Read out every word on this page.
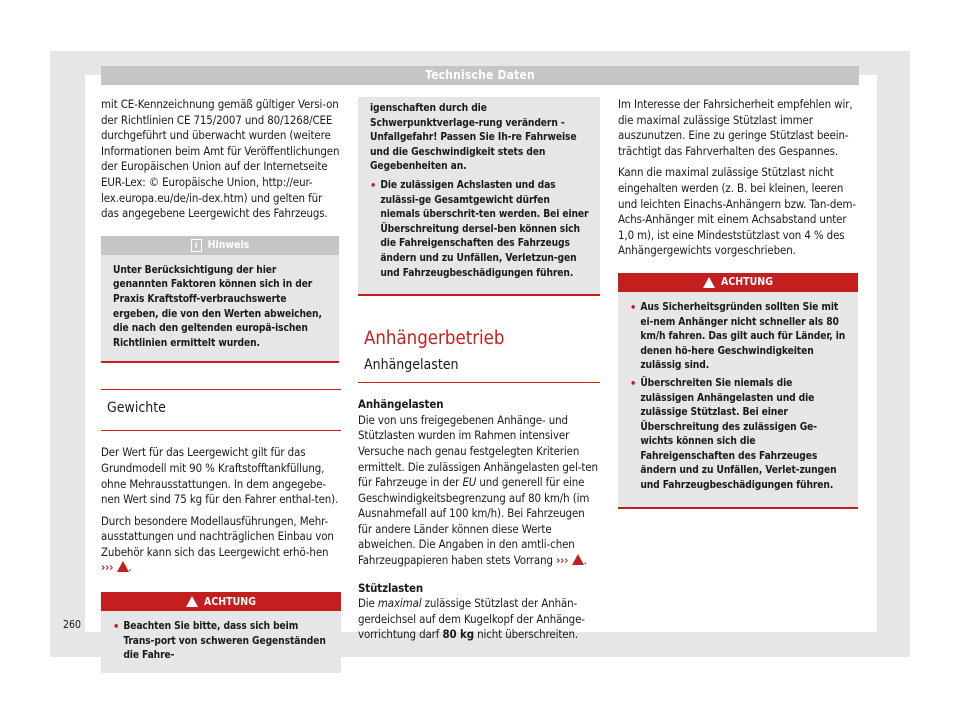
Technische Daten

mit CE-Kennzeichnung gemäß gültiger Versi-on der Richtlinien CE 715/2007 und 80/1268/CEE durchgeführt und überwacht wurden (weitere Informationen beim Amt für Veröffentlichungen der Europäischen Union auf der Internetseite EUR-Lex: © Europäische Union, http://eur-lex.europa.eu/de/in-dex.htm) und gelten für das angegebene Leergewicht des Fahrzeugs.

i Hinweis

Unter Berücksichtigung der hier genannten Faktoren können sich in der Praxis Kraftstoff-verbrauchswerte ergeben, die von den Werten abweichen, die nach den geltenden europä-ischen Richtlinien ermittelt wurden.

Gewichte

Der Wert für das Leergewicht gilt für das Grundmodell mit 90 % Kraftstofftankfüllung, ohne Mehrausstattungen. In dem angegebe-nen Wert sind 75 kg für den Fahrer enthal-ten).

Durch besondere Modellausführungen, Mehr-ausstattungen und nachträglichen Einbau von Zubehör kann sich das Leergewicht erhö-hen ››› .

ACHTUNG
• Beachten Sie bitte, dass sich beim Trans-port von schweren Gegenständen die Fahre-

igenschaften durch die Schwerpunktverlage-rung verändern - Unfallgefahr! Passen Sie Ih-re Fahrweise und die Geschwindigkeit stets den Gegebenheiten an.

• Die zulässigen Achslasten und das zulässi-ge Gesamtgewicht dürfen niemals überschrit-ten werden. Bei einer Überschreitung dersel-ben können sich die Fahreigenschaften des Fahrzeugs ändern und zu Unfällen, Verletzun-gen und Fahrzeugbeschädigungen führen.

Anhängerbetrieb
Anhängelasten

Anhängelasten

Die von uns freigegebenen Anhänge- und Stützlasten wurden im Rahmen intensiver Versuche nach genau festgelegten Kriterien ermittelt. Die zulässigen Anhängelasten gel-ten für Fahrzeuge in der EU und generell für eine Geschwindigkeitsbegrenzung auf 80 km/h (im Ausnahmefall auf 100 km/h). Bei Fahrzeugen für andere Länder können diese Werte abweichen. Die Angaben in den amtli-chen Fahrzeugpapieren haben stets Vorrang ››› .

Stützlasten

Die maximal zulässige Stützlast der Anhän-gerdeichsel auf dem Kugelkopf der Anhänge-vorrichtung darf 80 kg nicht überschreiten.

Im Interesse der Fahrsicherheit empfehlen wir, die maximal zulässige Stützlast immer auszunutzen. Eine zu geringe Stützlast beein-trächtigt das Fahrverhalten des Gespannes.

Kann die maximal zulässige Stützlast nicht eingehalten werden (z. B. bei kleinen, leeren und leichten Einachs-Anhängern bzw. Tan-dem-Achs-Anhänger mit einem Achsabstand unter 1,0 m), ist eine Mindeststützlast von 4 % des Anhängergewichts vorgeschrieben.

ACHTUNG
• Aus Sicherheitsgründen sollten Sie mit ei-nem Anhänger nicht schneller als 80 km/h fahren. Das gilt auch für Länder, in denen hö-here Geschwindigkeiten zulässig sind.

• Überschreiten Sie niemals die zulässigen Anhängelasten und die zulässige Stützlast. Bei einer Überschreitung des zulässigen Ge-wichts können sich die Fahreigenschaften des Fahrzeuges ändern und zu Unfällen, Verlet-zungen und Fahrzeugbeschädigungen führen.

260
